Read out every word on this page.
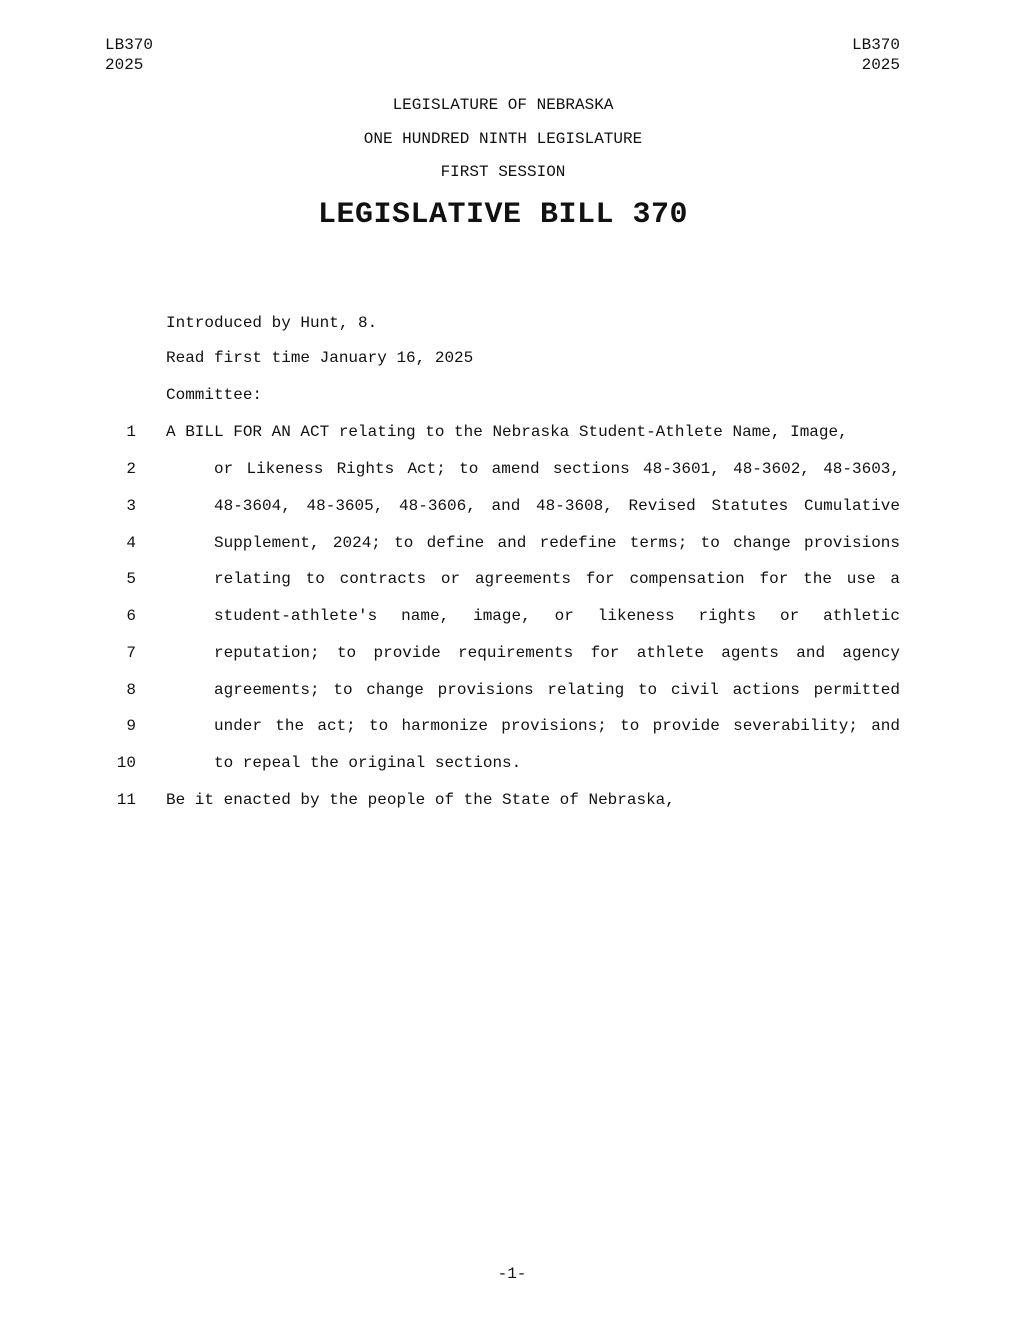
LB370
2025
LB370
2025
LEGISLATURE OF NEBRASKA
ONE HUNDRED NINTH LEGISLATURE
FIRST SESSION
LEGISLATIVE BILL 370
Introduced by Hunt, 8.
Read first time January 16, 2025
Committee:
1 A BILL FOR AN ACT relating to the Nebraska Student-Athlete Name, Image,
2	or Likeness Rights Act; to amend sections 48-3601, 48-3602, 48-3603,
3	48-3604, 48-3605, 48-3606, and 48-3608, Revised Statutes Cumulative
4	Supplement, 2024; to define and redefine terms; to change provisions
5	relating to contracts or agreements for compensation for the use a
6	student-athlete's name, image, or likeness rights or athletic
7	reputation; to provide requirements for athlete agents and agency
8	agreements; to change provisions relating to civil actions permitted
9	under the act; to harmonize provisions; to provide severability; and
10	to repeal the original sections.
11 Be it enacted by the people of the State of Nebraska,
-1-
